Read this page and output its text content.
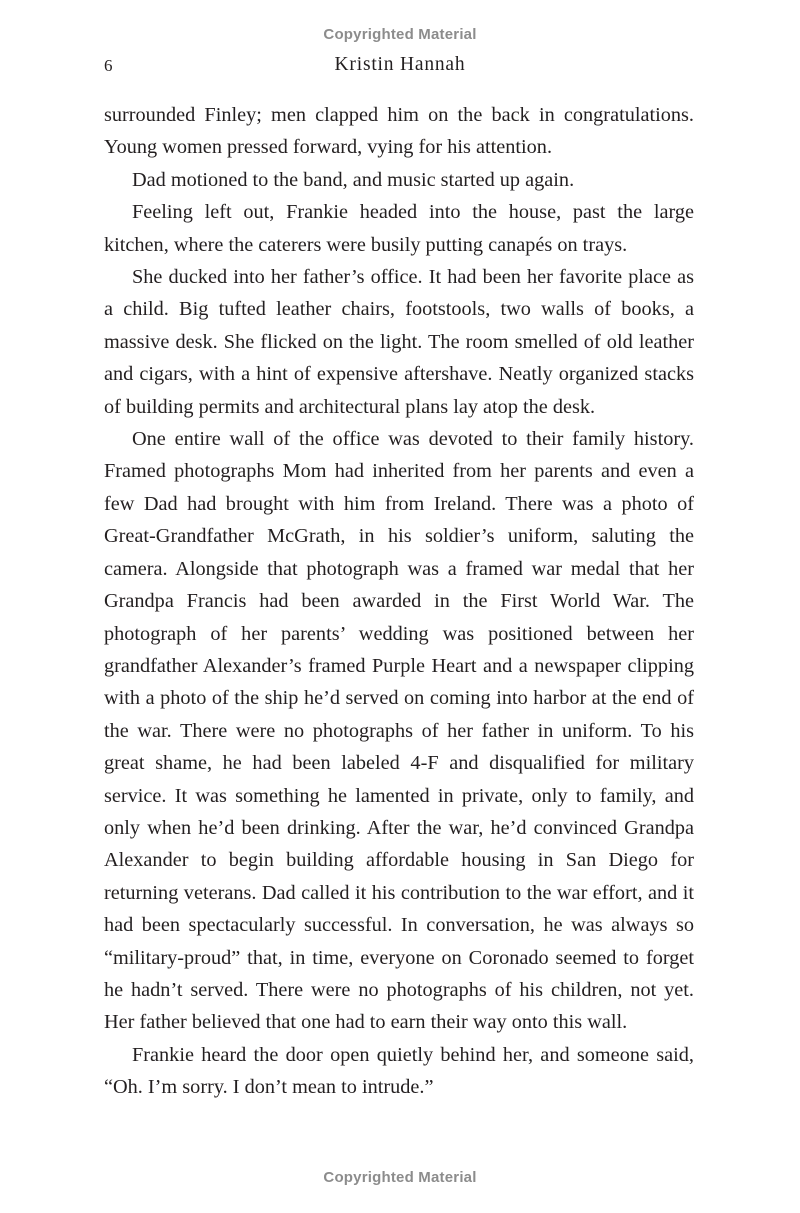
Copyrighted Material
6	Kristin Hannah

surrounded Finley; men clapped him on the back in congratulations. Young women pressed forward, vying for his attention.

Dad motioned to the band, and music started up again.

Feeling left out, Frankie headed into the house, past the large kitchen, where the caterers were busily putting canapés on trays.

She ducked into her father’s office. It had been her favorite place as a child. Big tufted leather chairs, footstools, two walls of books, a massive desk. She flicked on the light. The room smelled of old leather and cigars, with a hint of expensive aftershave. Neatly organized stacks of building permits and architectural plans lay atop the desk.

One entire wall of the office was devoted to their family history. Framed photographs Mom had inherited from her parents and even a few Dad had brought with him from Ireland. There was a photo of Great-Grandfather McGrath, in his soldier’s uniform, saluting the camera. Alongside that photograph was a framed war medal that her Grandpa Francis had been awarded in the First World War. The photograph of her parents’ wedding was positioned between her grandfather Alexander’s framed Purple Heart and a newspaper clipping with a photo of the ship he’d served on coming into harbor at the end of the war. There were no photographs of her father in uniform. To his great shame, he had been labeled 4-F and disqualified for military service. It was something he lamented in private, only to family, and only when he’d been drinking. After the war, he’d convinced Grandpa Alexander to begin building affordable housing in San Diego for returning veterans. Dad called it his contribution to the war effort, and it had been spectacularly successful. In conversation, he was always so “military-proud” that, in time, everyone on Coronado seemed to forget he hadn’t served. There were no photographs of his children, not yet. Her father believed that one had to earn their way onto this wall.

Frankie heard the door open quietly behind her, and someone said, “Oh. I’m sorry. I don’t mean to intrude.”

Copyrighted Material
